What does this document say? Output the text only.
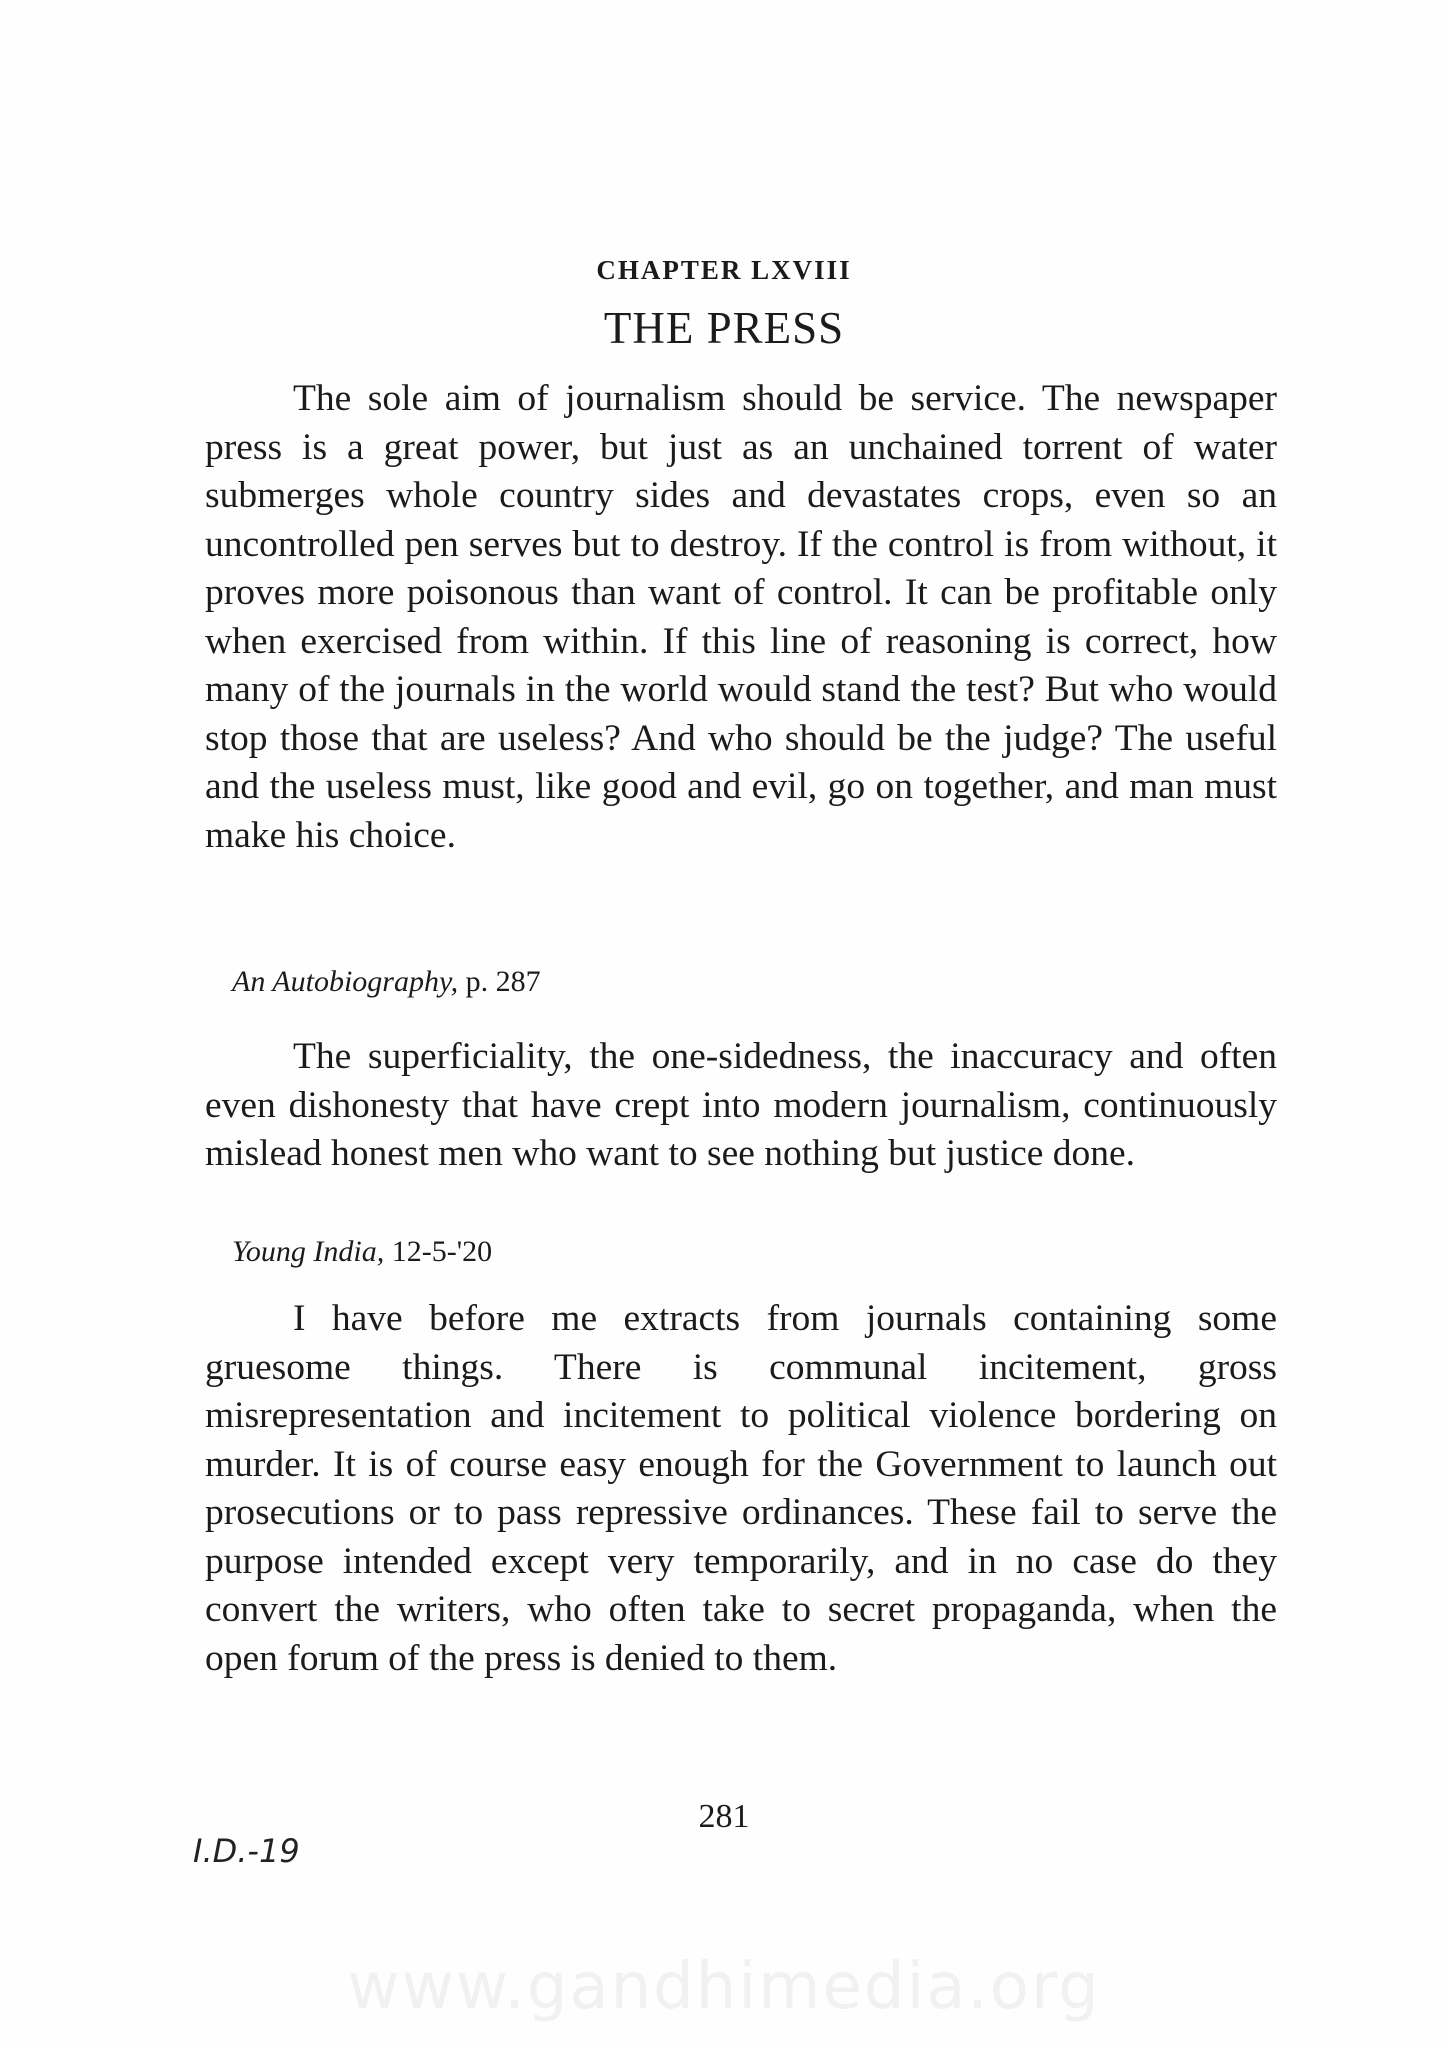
CHAPTER LXVIII
THE PRESS

The sole aim of journalism should be service. The newspaper press is a great power, but just as an unchained torrent of water submerges whole country sides and devastates crops, even so an uncontrolled pen serves but to destroy. If the control is from without, it proves more poisonous than want of control. It can be profitable only when exercised from within. If this line of reasoning is correct, how many of the journals in the world would stand the test? But who would stop those that are useless? And who should be the judge? The useful and the useless must, like good and evil, go on together, and man must make his choice.

An Autobiography, p. 287

The superficiality, the one-sidedness, the inaccuracy and often even dishonesty that have crept into modern journalism, continuously mislead honest men who want to see nothing but justice done.

Young India, 12-5-'20

I have before me extracts from journals containing some gruesome things. There is communal incitement, gross misrepresentation and incitement to political violence bordering on murder. It is of course easy enough for the Government to launch out prosecutions or to pass repressive ordinances. These fail to serve the purpose intended except very temporarily, and in no case do they convert the writers, who often take to secret propaganda, when the open forum of the press is denied to them.

281
I.D.-19
www.gandhimedia.org
